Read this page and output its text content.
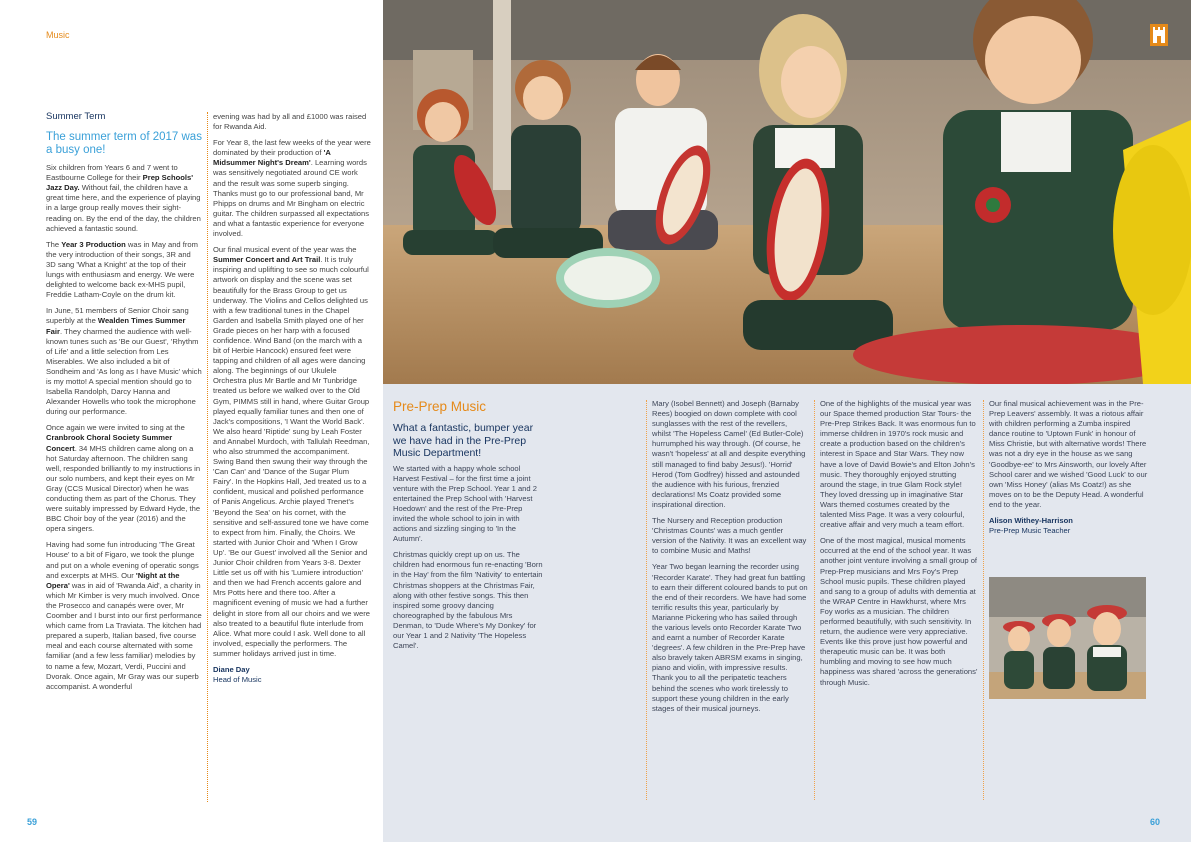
Music
Summer Term
The summer term of 2017 was a busy one!

Six children from Years 6 and 7 went to Eastbourne College for their Prep Schools' Jazz Day. Without fail, the children have a great time here, and the experience of playing in a large group really moves their sight-reading on. By the end of the day, the children achieved a fantastic sound.

The Year 3 Production was in May and from the very introduction of their songs, 3R and 3D sang 'What a Knight' at the top of their lungs with enthusiasm and energy. We were delighted to welcome back ex-MHS pupil, Freddie Latham-Coyle on the drum kit.

In June, 51 members of Senior Choir sang superbly at the Wealden Times Summer Fair. They charmed the audience with well-known tunes such as 'Be our Guest', 'Rhythm of Life' and a little selection from Les Miserables. We also included a bit of Sondheim and 'As long as I have Music' which is my motto! A special mention should go to Isabella Randolph, Darcy Hanna and Alexander Howells who took the microphone during our performance.

Once again we were invited to sing at the Cranbrook Choral Society Summer Concert. 34 MHS children came along on a hot Saturday afternoon. The children sang well, responded brilliantly to my instructions in our solo numbers, and kept their eyes on Mr Gray (CCS Musical Director) when he was conducting them as part of the Chorus. They were suitably impressed by Edward Hyde, the BBC Choir boy of the year (2016) and the opera singers.

Having had some fun introducing 'The Great House' to a bit of Figaro, we took the plunge and put on a whole evening of operatic songs and excerpts at MHS. Our 'Night at the Opera' was in aid of 'Rwanda Aid', a charity in which Mr Kimber is very much involved. Once the Prosecco and canapés were over, Mr Coomber and I burst into our first performance which came from La Traviata. The kitchen had prepared a superb, Italian based, five course meal and each course alternated with some familiar (and a few less familiar) melodies by to name a few, Mozart, Verdi, Puccini and Dvorak. Once again, Mr Gray was our superb accompanist. A wonderful

evening was had by all and £1000 was raised for Rwanda Aid.

For Year 8, the last few weeks of the year were dominated by their production of 'A Midsummer Night's Dream'. Learning words was sensitively negotiated around CE work and the result was some superb singing. Thanks must go to our professional band, Mr Phipps on drums and Mr Bingham on electric guitar. The children surpassed all expectations and what a fantastic experience for everyone involved.

Our final musical event of the year was the Summer Concert and Art Trail. It is truly inspiring and uplifting to see so much colourful artwork on display and the scene was set beautifully for the Brass Group to get us underway. The Violins and Cellos delighted us with a few traditional tunes in the Chapel Garden and Isabella Smith played one of her Grade pieces on her harp with a focused confidence. Wind Band (on the march with a bit of Herbie Hancock) ensured feet were tapping and children of all ages were dancing along. The beginnings of our Ukulele Orchestra plus Mr Bartle and Mr Tunbridge treated us before we walked over to the Old Gym, PIMMS still in hand, where Guitar Group played equally familiar tunes and then one of Jack's compositions, 'I Want the World Back'. We also heard 'Riptide' sung by Leah Foster and Annabel Murdoch, with Tallulah Reedman, who also strummed the accompaniment. Swing Band then swung their way through the 'Can Can' and 'Dance of the Sugar Plum Fairy'. In the Hopkins Hall, Jed treated us to a confident, musical and polished performance of Panis Angelicus. Archie played Trenet's 'Beyond the Sea' on his cornet, with the sensitive and self-assured tone we have come to expect from him. Finally, the Choirs. We started with Junior Choir and 'When I Grow Up'. 'Be our Guest' involved all the Senior and Junior Choir children from Years 3-8. Dexter Little set us off with his 'Lumiere introduction' and then we had French accents galore and Mrs Potts here and there too. After a magnificent evening of music we had a further delight in store from all our choirs and we were also treated to a beautiful flute interlude from Alice. What more could I ask. Well done to all involved, especially the performers. The summer holidays arrived just in time.

Diane Day
Head of Music
59
Pre-Prep Music
What a fantastic, bumper year we have had in the Pre-Prep Music Department!

We started with a happy whole school Harvest Festival – for the first time a joint venture with the Prep School. Year 1 and 2 entertained the Prep School with 'Harvest Hoedown' and the rest of the Pre-Prep invited the whole school to join in with actions and sizzling singing to 'In the Autumn'.

Christmas quickly crept up on us. The children had enormous fun re-enacting 'Born in the Hay' from the film 'Nativity' to entertain Christmas shoppers at the Christmas Fair, along with other festive songs. This then inspired some groovy dancing choreographed by the fabulous Mrs Denman, to 'Dude Where's My Donkey' for our Year 1 and 2 Nativity 'The Hopeless Camel'.

Mary (Isobel Bennett) and Joseph (Barnaby Rees) boogied on down complete with cool sunglasses with the rest of the revellers, whilst 'The Hopeless Camel' (Ed Butler-Cole) hurrumphed his way through. (Of course, he wasn't 'hopeless' at all and despite everything still managed to find baby Jesus!). 'Horrid' Herod (Tom Godfrey) hissed and astounded the audience with his furious, frenzied declarations! Ms Coatz provided some inspirational direction.

The Nursery and Reception production 'Christmas Counts' was a much gentler version of the Nativity. It was an excellent way to combine Music and Maths!

Year Two began learning the recorder using 'Recorder Karate'. They had great fun battling to earn their different coloured bands to put on the end of their recorders. We have had some terrific results this year, particularly by Marianne Pickering who has sailed through the various levels onto Recorder Karate Two and earnt a number of Recorder Karate 'degrees'. A few children in the Pre-Prep have also bravely taken ABRSM exams in singing, piano and violin, with impressive results. Thank you to all the peripatetic teachers behind the scenes who work tirelessly to support these young children in the early stages of their musical journeys.

One of the highlights of the musical year was our Space themed production Star Tours- the Pre-Prep Strikes Back. It was enormous fun to immerse children in 1970's rock music and create a production based on the children's interest in Space and Star Wars. They now have a love of David Bowie's and Elton John's music. They thoroughly enjoyed strutting around the stage, in true Glam Rock style! They loved dressing up in imaginative Star Wars themed costumes created by the talented Miss Page. It was a very colourful, creative affair and very much a team effort.

One of the most magical, musical moments occurred at the end of the school year. It was another joint venture involving a small group of Prep-Prep musicians and Mrs Foy's Prep School music pupils. These children played and sang to a group of adults with dementia at the WRAP Centre in Hawkhurst, where Mrs Foy works as a musician. The children performed beautifully, with such sensitivity. In return, the audience were very appreciative. Events like this prove just how powerful and therapeutic music can be. It was both humbling and moving to see how much happiness was shared 'across the generations' through Music.

Our final musical achievement was in the Pre-Prep Leavers' assembly. It was a riotous affair with children performing a Zumba inspired dance routine to 'Uptown Funk' in honour of Miss Christie, but with alternative words! There was not a dry eye in the house as we sang 'Goodbye-ee' to Mrs Ainsworth, our lovely After School carer and we wished 'Good Luck' to our own 'Miss Honey' (alias Ms Coatz!) as she moves on to be the Deputy Head. A wonderful end to the year.

Alison Withey-Harrison
Pre-Prep Music Teacher
60
